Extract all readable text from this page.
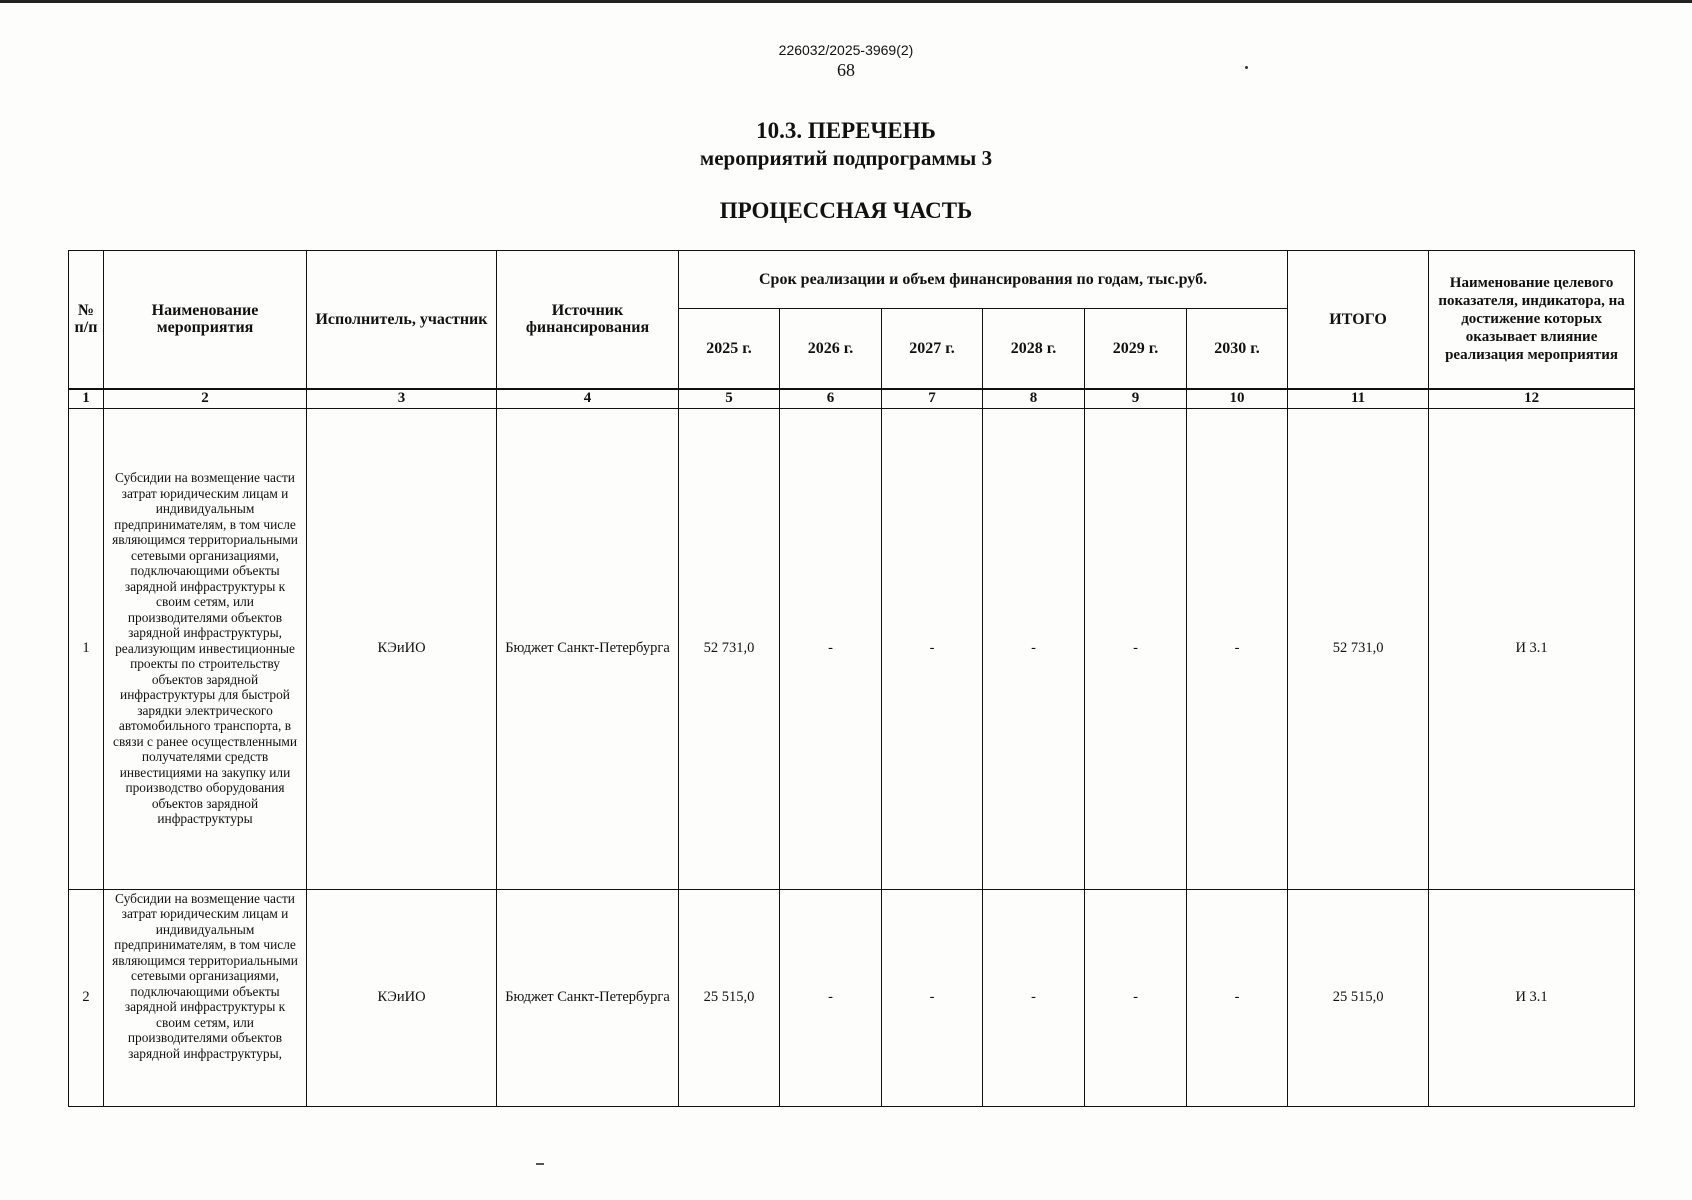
226032/2025-3969(2)
68
10.3. ПЕРЕЧЕНЬ
мероприятий подпрограммы 3
ПРОЦЕССНАЯ ЧАСТЬ
№ п/п	Наименование мероприятия	Исполнитель, участник	Источник финансирования	Срок реализации и объем финансирования по годам, тыс.руб.						ИТОГО	Наименование целевого показателя, индикатора, на достижение которых оказывает влияние реализация мероприятия
				2025 г.	2026 г.	2027 г.	2028 г.	2029 г.	2030 г.		
1	2	3	4	5	6	7	8	9	10	11	12
1	Субсидии на возмещение части затрат юридическим лицам и индивидуальным предпринимателям, в том числе являющимся территориальными сетевыми организациями, подключающими объекты зарядной инфраструктуры к своим сетям, или производителями объектов зарядной инфраструктуры, реализующим инвестиционные проекты по строительству объектов зарядной инфраструктуры для быстрой зарядки электрического автомобильного транспорта, в связи с ранее осуществленными получателями средств инвестициями на закупку или производство оборудования объектов зарядной инфраструктуры	КЭиИО	Бюджет Санкт-Петербурга	52 731,0	-	-	-	-	-	52 731,0	И 3.1
2	Субсидии на возмещение части затрат юридическим лицам и индивидуальным предпринимателям, в том числе являющимся территориальными сетевыми организациями, подключающими объекты зарядной инфраструктуры к своим сетям, или производителями объектов зарядной инфраструктуры,	КЭиИО	Бюджет Санкт-Петербурга	25 515,0	-	-	-	-	-	25 515,0	И 3.1
